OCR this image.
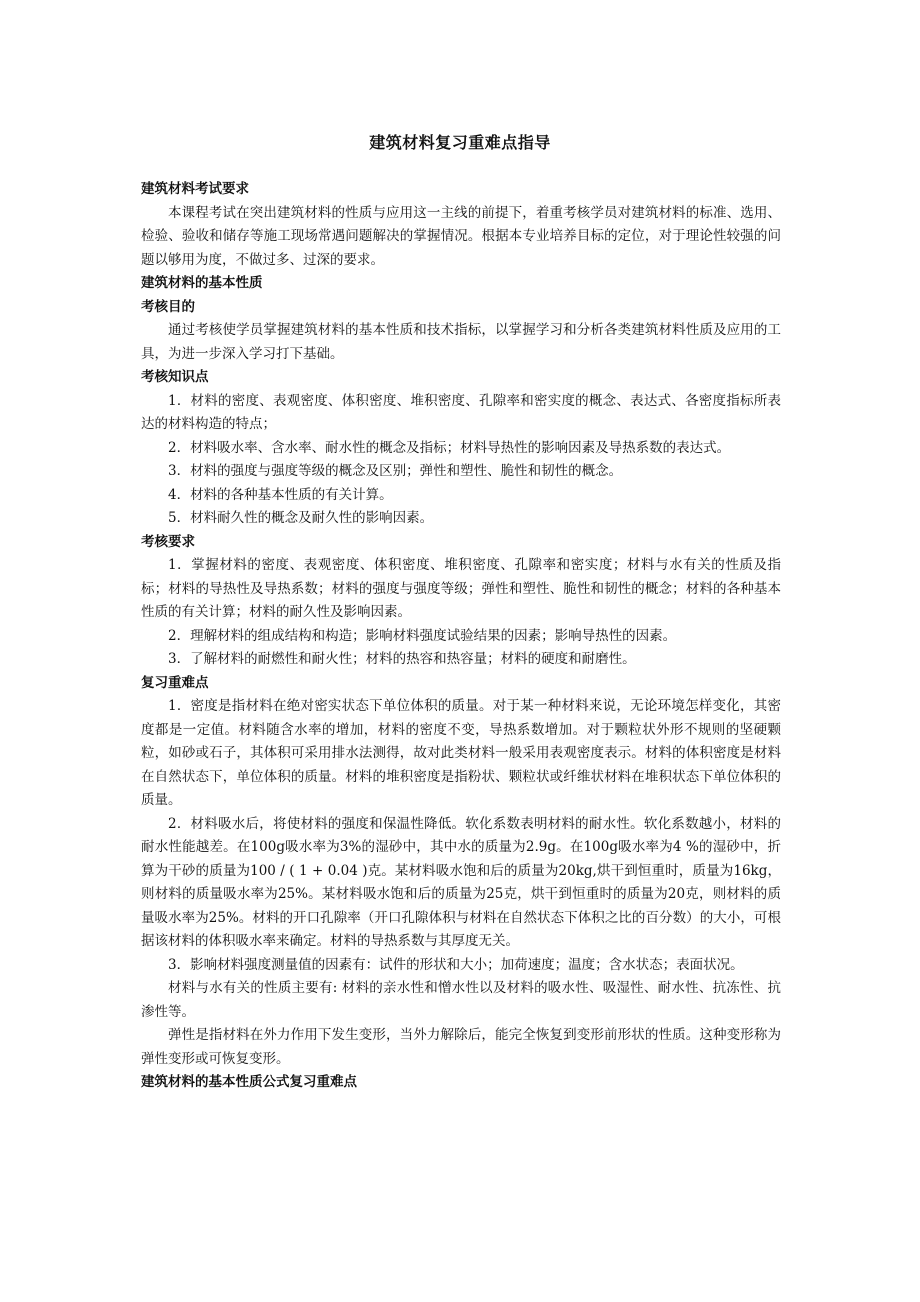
建筑材料复习重难点指导
建筑材料考试要求
本课程考试在突出建筑材料的性质与应用这一主线的前提下，着重考核学员对建筑材料的标准、选用、检验、验收和储存等施工现场常遇问题解决的掌握情况。根据本专业培养目标的定位，对于理论性较强的问题以够用为度，不做过多、过深的要求。
建筑材料的基本性质
考核目的
通过考核使学员掌握建筑材料的基本性质和技术指标，以掌握学习和分析各类建筑材料性质及应用的工具，为进一步深入学习打下基础。
考核知识点
1．材料的密度、表观密度、体积密度、堆积密度、孔隙率和密实度的概念、表达式、各密度指标所表达的材料构造的特点；
2．材料吸水率、含水率、耐水性的概念及指标；材料导热性的影响因素及导热系数的表达式。
3．材料的强度与强度等级的概念及区别；弹性和塑性、脆性和韧性的概念。
4．材料的各种基本性质的有关计算。
5．材料耐久性的概念及耐久性的影响因素。
考核要求
1．掌握材料的密度、表观密度、体积密度、堆积密度、孔隙率和密实度；材料与水有关的性质及指标；材料的导热性及导热系数；材料的强度与强度等级；弹性和塑性、脆性和韧性的概念；材料的各种基本性质的有关计算；材料的耐久性及影响因素。
2．理解材料的组成结构和构造；影响材料强度试验结果的因素；影响导热性的因素。
3．了解材料的耐燃性和耐火性；材料的热容和热容量；材料的硬度和耐磨性。
复习重难点
1．密度是指材料在绝对密实状态下单位体积的质量。对于某一种材料来说，无论环境怎样变化，其密度都是一定值。材料随含水率的增加，材料的密度不变，导热系数增加。对于颗粒状外形不规则的坚硬颗粒，如砂或石子，其体积可采用排水法测得，故对此类材料一般采用表观密度表示。材料的体积密度是材料在自然状态下，单位体积的质量。材料的堆积密度是指粉状、颗粒状或纤维状材料在堆积状态下单位体积的质量。
2．材料吸水后，将使材料的强度和保温性降低。软化系数表明材料的耐水性。软化系数越小，材料的耐水性能越差。在100g吸水率为3%的湿砂中，其中水的质量为2.9g。在100g吸水率为4 %的湿砂中，折算为干砂的质量为100 / ( 1 + 0.04 )克。某材料吸水饱和后的质量为20kg,烘干到恒重时，质量为16kg，则材料的质量吸水率为25%。某材料吸水饱和后的质量为25克，烘干到恒重时的质量为20克，则材料的质量吸水率为25%。材料的开口孔隙率（开口孔隙体积与材料在自然状态下体积之比的百分数）的大小，可根据该材料的体积吸水率来确定。材料的导热系数与其厚度无关。
3．影响材料强度测量值的因素有：试件的形状和大小；加荷速度；温度；含水状态；表面状况。
材料与水有关的性质主要有: 材料的亲水性和憎水性以及材料的吸水性、吸湿性、耐水性、抗冻性、抗渗性等。
弹性是指材料在外力作用下发生变形，当外力解除后，能完全恢复到变形前形状的性质。这种变形称为弹性变形或可恢复变形。
建筑材料的基本性质公式复习重难点
